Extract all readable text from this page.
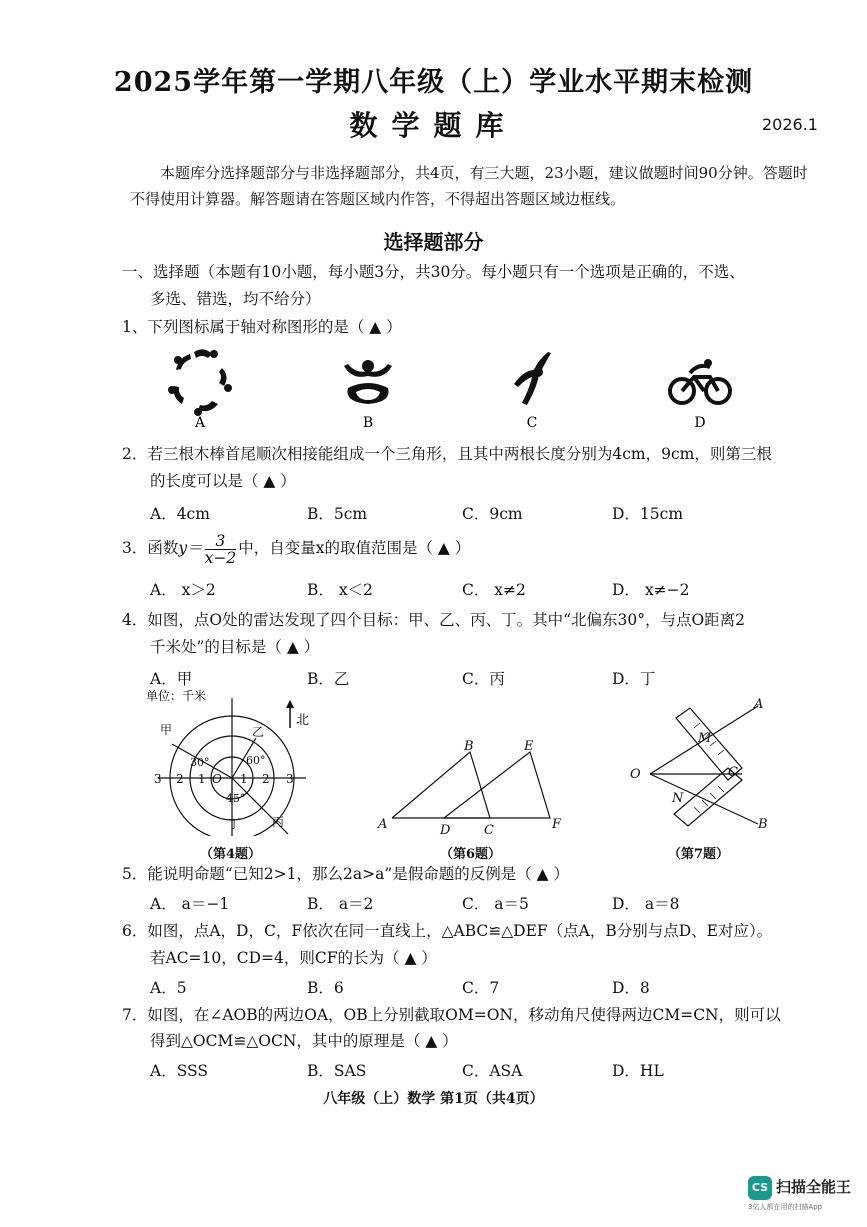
2025学年第一学期八年级（上）学业水平期末检测
数学题库	2026.1
本题库分选择题部分与非选择题部分，共4页，有三大题，23小题，建议做题时间90分钟。答题时不得使用计算器。解答题请在答题区域内作答，不得超出答题区域边框线。
选择题部分
一、选择题（本题有10小题，每小题3分，共30分。每小题只有一个选项是正确的，不选、
多选、错选，均不给分）
1、下列图标属于轴对称图形的是（ ▲ ）
A	B	C	D
2．若三根木棒首尾顺次相接能组成一个三角形，且其中两根长度分别为4cm，9cm，则第三根
的长度可以是（ ▲ ）
A．4cm	B．5cm	C．9cm	D．15cm
3．函数$y= \frac{3}{x-2}$ 中，自变量x的取值范围是（ ▲ ）
A． x＞2	B． x＜2	C． x≠2	D． x≠−2
4．如图，点O处的雷达发现了四个目标：甲、乙、丙、丁。其中“北偏东30°，与点O距离2
千米处”的目标是（ ▲ ）
A．甲	B．乙	C．丙	D．丁
单位：千米
甲	乙
丙
丁
30°	60°
45°
3 2 1	1 2 3
O
北
（第4题）
A
B
D	C
E
F
（第6题）
A
M
O	C
N
B
（第7题）
5．能说明命题“已知2>1，那么2a>a”是假命题的反例是（ ▲ ）
A． a＝−1	B． a＝2	C． a＝5	D． a＝8
6．如图，点A，D，C，F依次在同一直线上，△ABC≌△DEF（点A，B分别与点D、E对应）。
若AC=10，CD=4，则CF的长为（ ▲ ）
A．5	B．6	C．7	D．8
7．如图，在∠AOB的两边OA，OB上分别截取OM=ON，移动角尺使得两边CM=CN，则可以
得到△OCM≌△OCN，其中的原理是（ ▲ ）
A．SSS	B．SAS	C．ASA	D．HL
八年级（上）数学 第1页（共4页）
CS 扫描全能王
3亿人都在用的扫描App
